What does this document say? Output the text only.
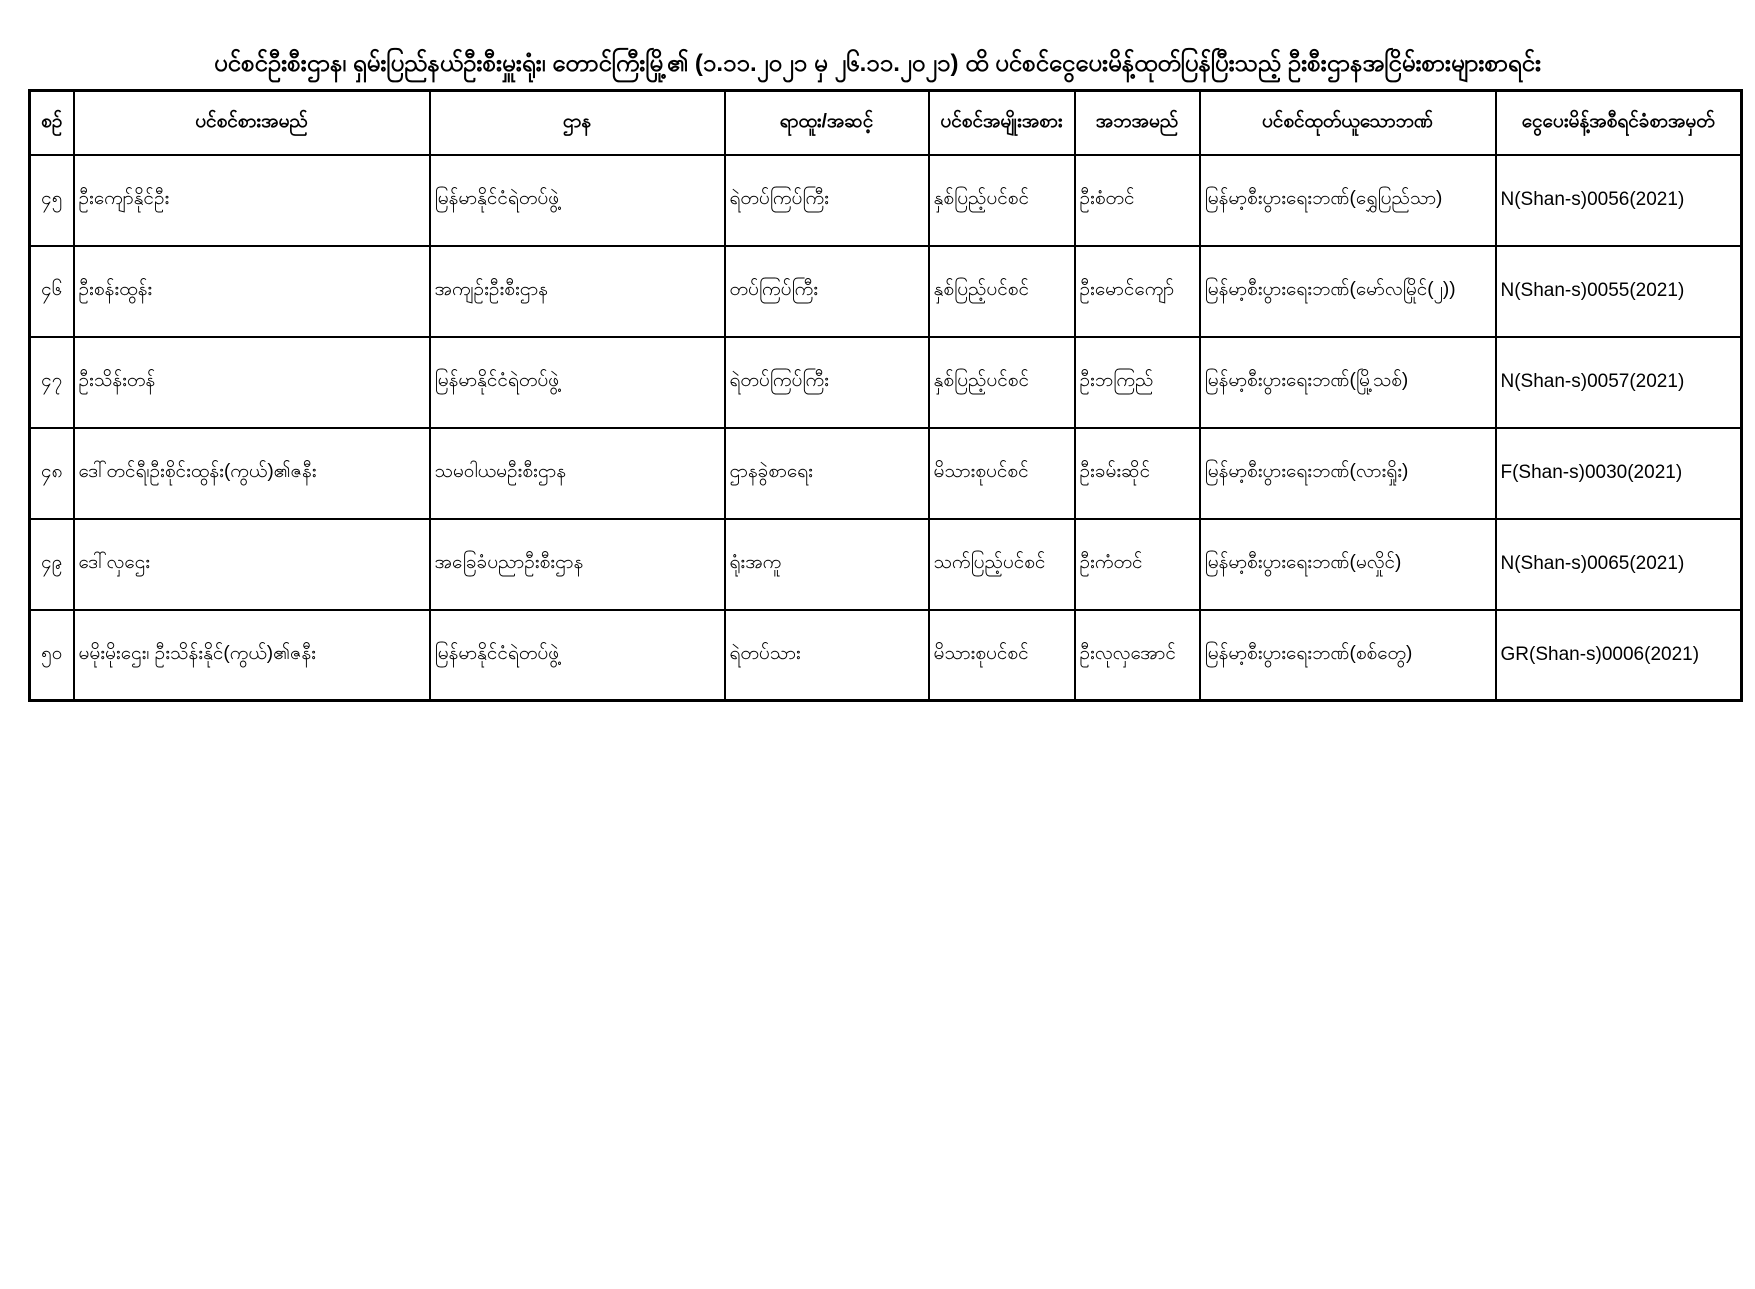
ပင်စင်ဦးစီးဌာန၊ ရှမ်းပြည်နယ်ဦးစီးမှူးရုံး၊ တောင်ကြီးမြို့၏ (၁.၁၁.၂၀၂၁ မှ ၂၆.၁၁.၂၀၂၁) ထိ ပင်စင်ငွေပေးမိန့်ထုတ်ပြန်ပြီးသည့် ဦးစီးဌာနအငြိမ်းစားများစာရင်း
စဉ်	ပင်စင်စားအမည်	ဌာန	ရာထူး/အဆင့်	ပင်စင်အမျိုးအစား	အဘအမည်	ပင်စင်ထုတ်ယူသောဘဏ်	ငွေပေးမိန့်အစီရင်ခံစာအမှတ်
၄၅	ဦးကျော်နိုင်ဦး	မြန်မာနိုင်ငံရဲတပ်ဖွဲ့	ရဲတပ်ကြပ်ကြီး	နှစ်ပြည့်ပင်စင်	ဦးစံတင်	မြန်မာ့စီးပွားရေးဘဏ်(ရွှေပြည်သာ)	N(Shan-s)0056(2021)
၄၆	ဦးစန်းထွန်း	အကျဉ်းဦးစီးဌာန	တပ်ကြပ်ကြီး	နှစ်ပြည့်ပင်စင်	ဦးမောင်ကျော်	မြန်မာ့စီးပွားရေးဘဏ်(မော်လမြိုင်(၂))	N(Shan-s)0055(2021)
၄၇	ဦးသိန်းတန်	မြန်မာနိုင်ငံရဲတပ်ဖွဲ့	ရဲတပ်ကြပ်ကြီး	နှစ်ပြည့်ပင်စင်	ဦးဘကြည်	မြန်မာ့စီးပွားရေးဘဏ်(မြို့သစ်)	N(Shan-s)0057(2021)
၄၈	ဒေါ်တင်ရီ၊ဦးစိုင်းထွန်း(ကွယ်)၏ဇနီး	သမဝါယမဦးစီးဌာန	ဌာနခွဲစာရေး	မိသားစုပင်စင်	ဦးခမ်းဆိုင်	မြန်မာ့စီးပွားရေးဘဏ်(လားရှိုး)	F(Shan-s)0030(2021)
၄၉	ဒေါ်လှဌေး	အခြေခံပညာဦးစီးဌာန	ရုံးအကူ	သက်ပြည့်ပင်စင်	ဦးကံတင်	မြန်မာ့စီးပွားရေးဘဏ်(မလှိုင်)	N(Shan-s)0065(2021)
၅၀	မမိုးမိုးဌေး၊ ဦးသိန်းနိုင်(ကွယ်)၏ဇနီး	မြန်မာနိုင်ငံရဲတပ်ဖွဲ့	ရဲတပ်သား	မိသားစုပင်စင်	ဦးလုလှအောင်	မြန်မာ့စီးပွားရေးဘဏ်(စစ်တွေ)	GR(Shan-s)0006(2021)
